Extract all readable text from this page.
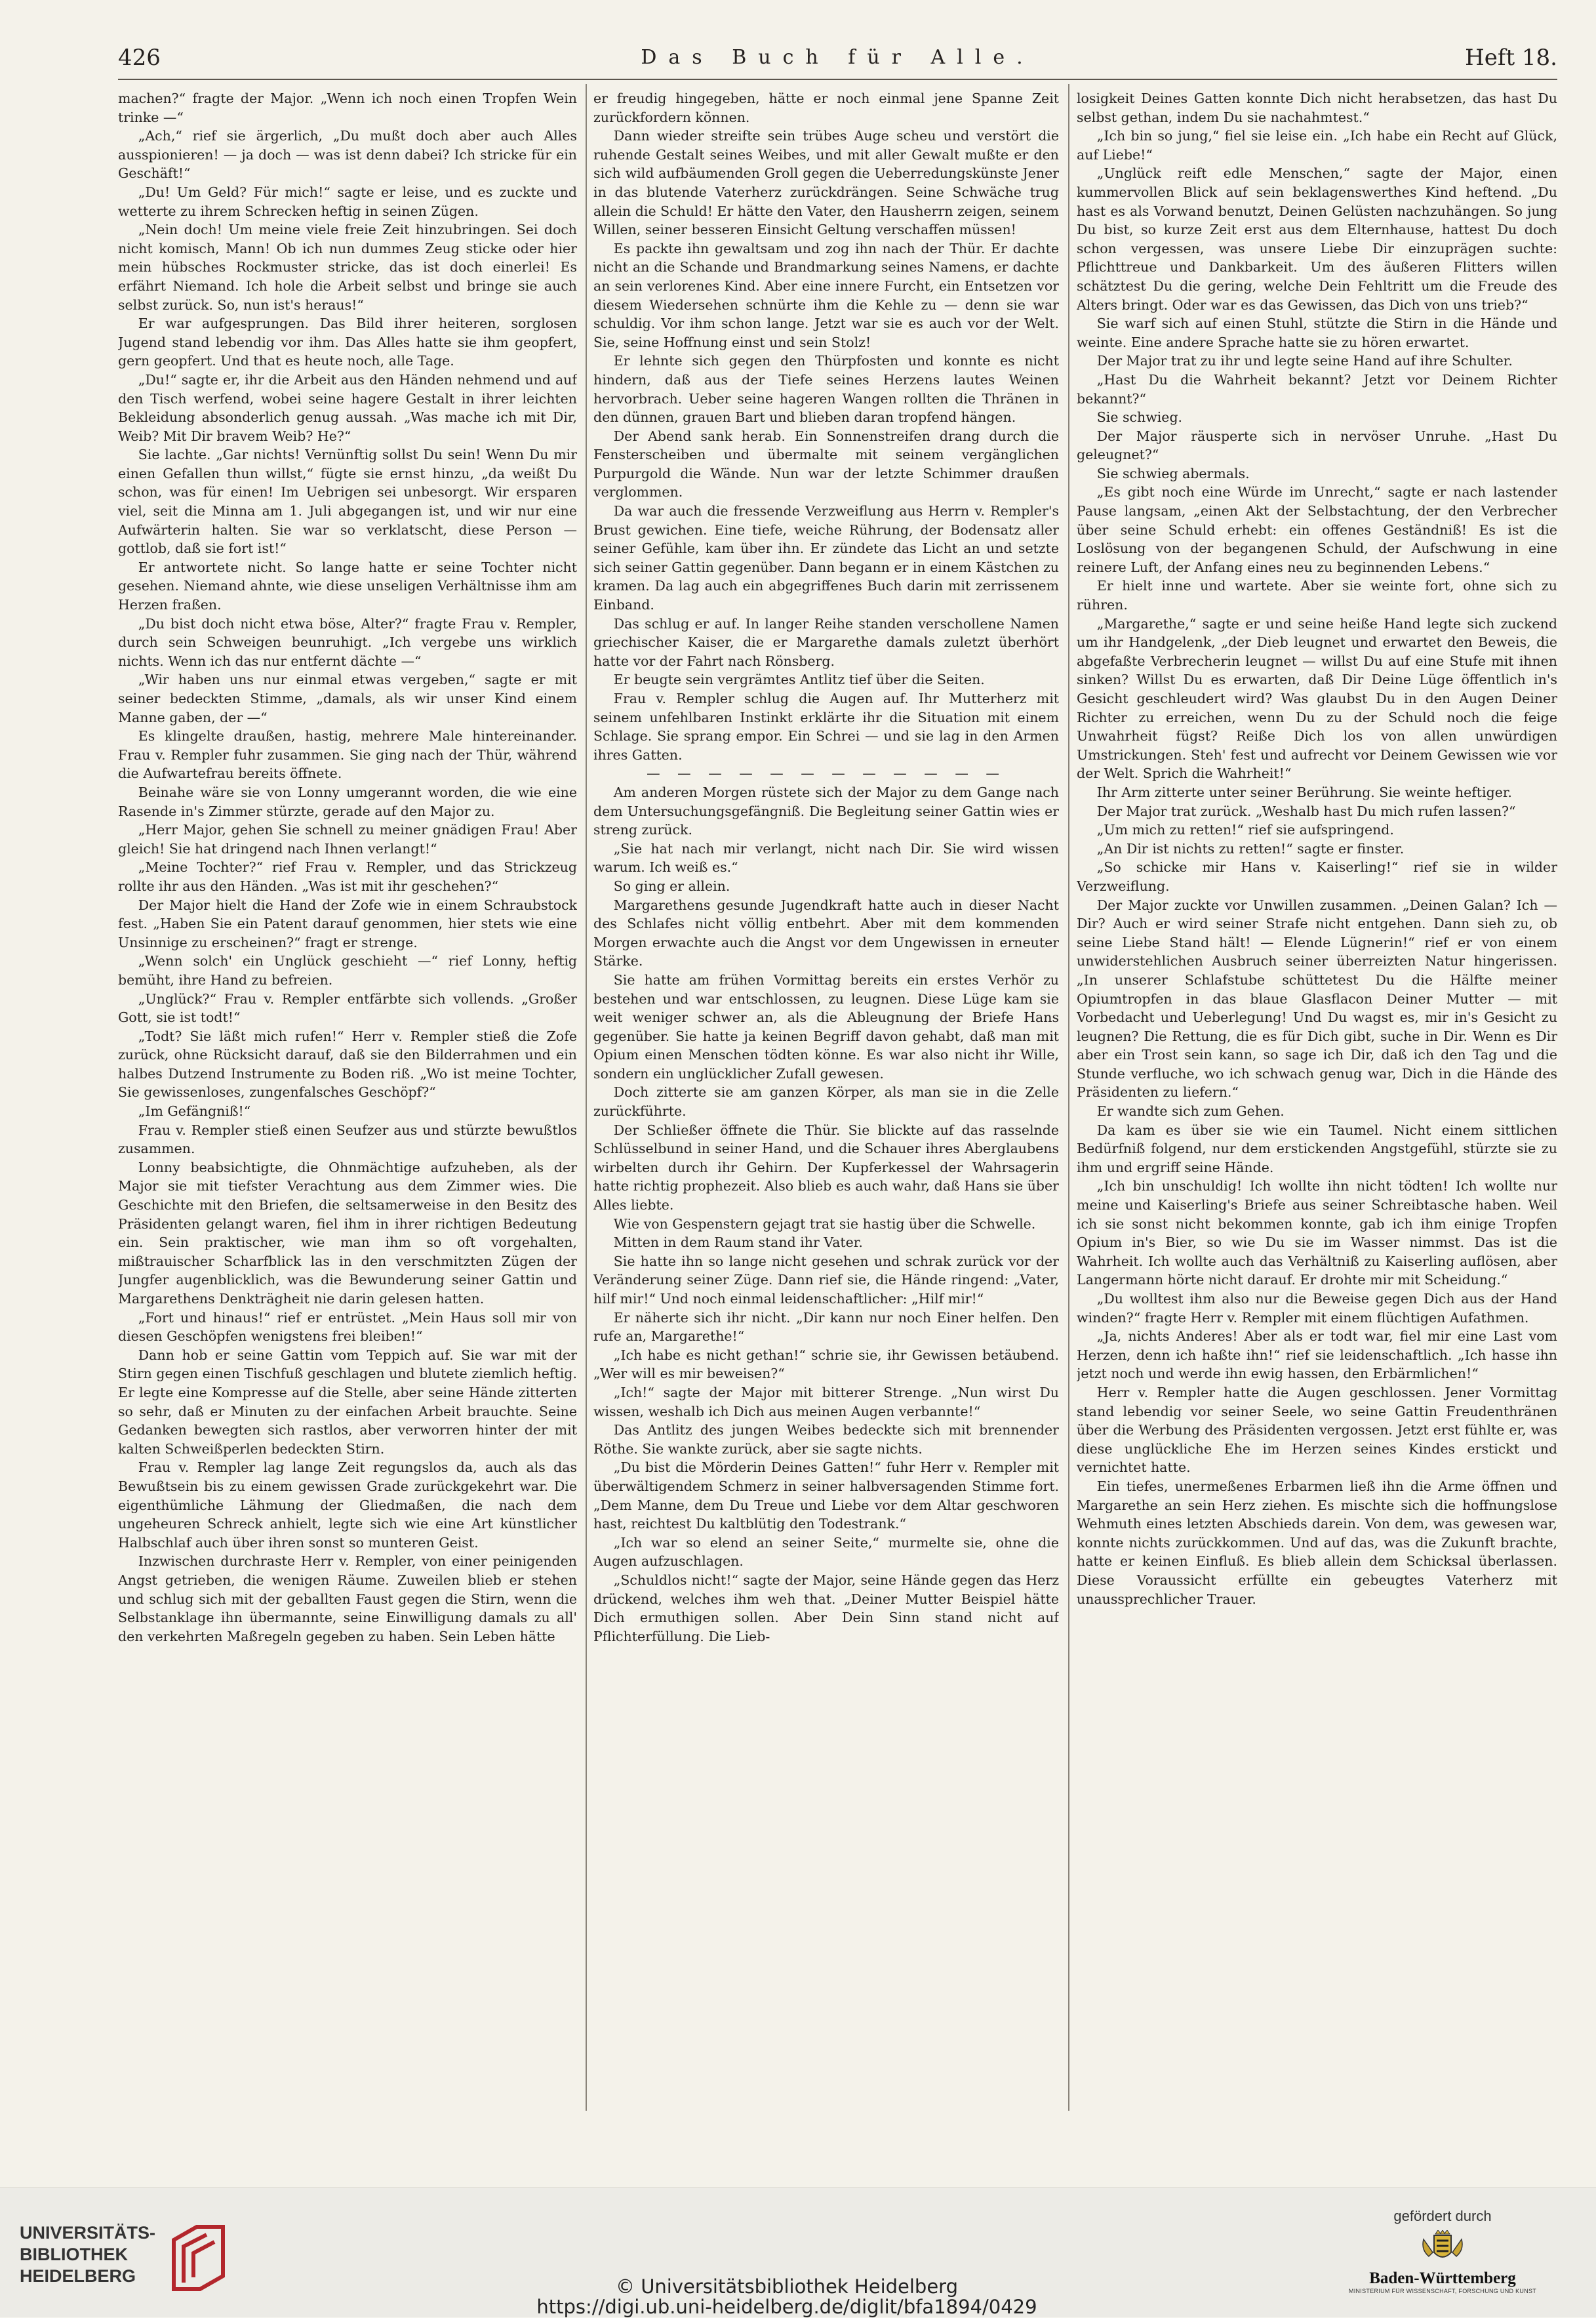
426	Das Buch für Alle.	Heft 18.

machen?“ fragte der Major. „Wenn ich noch einen Tropfen Wein trinke —“

„Ach,“ rief sie ärgerlich, „Du mußt doch aber auch Alles ausspionieren! — ja doch — was ist denn dabei? Ich stricke für ein Geschäft!“

„Du! Um Geld? Für mich!“ sagte er leise, und es zuckte und wetterte zu ihrem Schrecken heftig in seinen Zügen.

„Nein doch! Um meine viele freie Zeit hinzubringen. Sei doch nicht komisch, Mann! Ob ich nun dummes Zeug sticke oder hier mein hübsches Rockmuster stricke, das ist doch einerlei! Es erfährt Niemand. Ich hole die Arbeit selbst und bringe sie auch selbst zurück. So, nun ist's heraus!“

Er war aufgesprungen. Das Bild ihrer heiteren, sorglosen Jugend stand lebendig vor ihm. Das Alles hatte sie ihm geopfert, gern geopfert. Und that es heute noch, alle Tage.

„Du!“ sagte er, ihr die Arbeit aus den Händen nehmend und auf den Tisch werfend, wobei seine hagere Gestalt in ihrer leichten Bekleidung absonderlich genug aussah. „Was mache ich mit Dir, Weib? Mit Dir bravem Weib? He?“

Sie lachte. „Gar nichts! Vernünftig sollst Du sein! Wenn Du mir einen Gefallen thun willst,“ fügte sie ernst hinzu, „da weißt Du schon, was für einen! Im Uebrigen sei unbesorgt. Wir ersparen viel, seit die Minna am 1. Juli abgegangen ist, und wir nur eine Aufwärterin halten. Sie war so verklatscht, diese Person — gottlob, daß sie fort ist!“

Er antwortete nicht. So lange hatte er seine Tochter nicht gesehen. Niemand ahnte, wie diese unseligen Verhältnisse ihm am Herzen fraßen.

„Du bist doch nicht etwa böse, Alter?“ fragte Frau v. Rempler, durch sein Schweigen beunruhigt. „Ich vergebe uns wirklich nichts. Wenn ich das nur entfernt dächte —“

„Wir haben uns nur einmal etwas vergeben,“ sagte er mit seiner bedeckten Stimme, „damals, als wir unser Kind einem Manne gaben, der —“

Es klingelte draußen, hastig, mehrere Male hintereinander. Frau v. Rempler fuhr zusammen. Sie ging nach der Thür, während die Aufwartefrau bereits öffnete.

Beinahe wäre sie von Lonny umgerannt worden, die wie eine Rasende in's Zimmer stürzte, gerade auf den Major zu.

„Herr Major, gehen Sie schnell zu meiner gnädigen Frau! Aber gleich! Sie hat dringend nach Ihnen verlangt!“

„Meine Tochter?“ rief Frau v. Rempler, und das Strickzeug rollte ihr aus den Händen. „Was ist mit ihr geschehen?“

Der Major hielt die Hand der Zofe wie in einem Schraubstock fest. „Haben Sie ein Patent darauf genommen, hier stets wie eine Unsinnige zu erscheinen?“ fragt er strenge.

„Wenn solch' ein Unglück geschieht —“ rief Lonny, heftig bemüht, ihre Hand zu befreien.

„Unglück?“ Frau v. Rempler entfärbte sich vollends. „Großer Gott, sie ist todt!“

„Todt? Sie läßt mich rufen!“ Herr v. Rempler stieß die Zofe zurück, ohne Rücksicht darauf, daß sie den Bilderrahmen und ein halbes Dutzend Instrumente zu Boden riß. „Wo ist meine Tochter, Sie gewissenloses, zungenfalsches Geschöpf?“

„Im Gefängniß!“

Frau v. Rempler stieß einen Seufzer aus und stürzte bewußtlos zusammen.

Lonny beabsichtigte, die Ohnmächtige aufzuheben, als der Major sie mit tiefster Verachtung aus dem Zimmer wies. Die Geschichte mit den Briefen, die seltsamerweise in den Besitz des Präsidenten gelangt waren, fiel ihm in ihrer richtigen Bedeutung ein. Sein praktischer, wie man ihm so oft vorgehalten, mißtrauischer Scharfblick las in den verschmitzten Zügen der Jungfer augenblicklich, was die Bewunderung seiner Gattin und Margarethens Denkträgheit nie darin gelesen hatten.

„Fort und hinaus!“ rief er entrüstet. „Mein Haus soll mir von diesen Geschöpfen wenigstens frei bleiben!“

Dann hob er seine Gattin vom Teppich auf. Sie war mit der Stirn gegen einen Tischfuß geschlagen und blutete ziemlich heftig. Er legte eine Kompresse auf die Stelle, aber seine Hände zitterten so sehr, daß er Minuten zu der einfachen Arbeit brauchte. Seine Gedanken bewegten sich rastlos, aber verworren hinter der mit kalten Schweißperlen bedeckten Stirn.

Frau v. Rempler lag lange Zeit regungslos da, auch als das Bewußtsein bis zu einem gewissen Grade zurückgekehrt war. Die eigenthümliche Lähmung der Gliedmaßen, die nach dem ungeheuren Schreck anhielt, legte sich wie eine Art künstlicher Halbschlaf auch über ihren sonst so munteren Geist.

Inzwischen durchraste Herr v. Rempler, von einer peinigenden Angst getrieben, die wenigen Räume. Zuweilen blieb er stehen und schlug sich mit der geballten Faust gegen die Stirn, wenn die Selbstanklage ihn übermannte, seine Einwilligung damals zu all' den verkehrten Maßregeln gegeben zu haben. Sein Leben hätte

er freudig hingegeben, hätte er noch einmal jene Spanne Zeit zurückfordern können.

Dann wieder streifte sein trübes Auge scheu und verstört die ruhende Gestalt seines Weibes, und mit aller Gewalt mußte er den sich wild aufbäumenden Groll gegen die Ueberredungskünste Jener in das blutende Vaterherz zurückdrängen. Seine Schwäche trug allein die Schuld! Er hätte den Vater, den Hausherrn zeigen, seinem Willen, seiner besseren Einsicht Geltung verschaffen müssen!

Es packte ihn gewaltsam und zog ihn nach der Thür. Er dachte nicht an die Schande und Brandmarkung seines Namens, er dachte an sein verlorenes Kind. Aber eine innere Furcht, ein Entsetzen vor diesem Wiedersehen schnürte ihm die Kehle zu — denn sie war schuldig. Vor ihm schon lange. Jetzt war sie es auch vor der Welt. Sie, seine Hoffnung einst und sein Stolz!

Er lehnte sich gegen den Thürpfosten und konnte es nicht hindern, daß aus der Tiefe seines Herzens lautes Weinen hervorbrach. Ueber seine hageren Wangen rollten die Thränen in den dünnen, grauen Bart und blieben daran tropfend hängen.

Der Abend sank herab. Ein Sonnenstreifen drang durch die Fensterscheiben und übermalte mit seinem vergänglichen Purpurgold die Wände. Nun war der letzte Schimmer draußen verglommen.

Da war auch die fressende Verzweiflung aus Herrn v. Rempler's Brust gewichen. Eine tiefe, weiche Rührung, der Bodensatz aller seiner Gefühle, kam über ihn. Er zündete das Licht an und setzte sich seiner Gattin gegenüber. Dann begann er in einem Kästchen zu kramen. Da lag auch ein abgegriffenes Buch darin mit zerrissenem Einband.

Das schlug er auf. In langer Reihe standen verschollene Namen griechischer Kaiser, die er Margarethe damals zuletzt überhört hatte vor der Fahrt nach Rönsberg.

Er beugte sein vergrämtes Antlitz tief über die Seiten.

Frau v. Rempler schlug die Augen auf. Ihr Mutterherz mit seinem unfehlbaren Instinkt erklärte ihr die Situation mit einem Schlage. Sie sprang empor. Ein Schrei — und sie lag in den Armen ihres Gatten.

— — — — — — — — — — — —

Am anderen Morgen rüstete sich der Major zu dem Gange nach dem Untersuchungsgefängniß. Die Begleitung seiner Gattin wies er streng zurück.

„Sie hat nach mir verlangt, nicht nach Dir. Sie wird wissen warum. Ich weiß es.“

So ging er allein.

Margarethens gesunde Jugendkraft hatte auch in dieser Nacht des Schlafes nicht völlig entbehrt. Aber mit dem kommenden Morgen erwachte auch die Angst vor dem Ungewissen in erneuter Stärke.

Sie hatte am frühen Vormittag bereits ein erstes Verhör zu bestehen und war entschlossen, zu leugnen. Diese Lüge kam sie weit weniger schwer an, als die Ableugnung der Briefe Hans gegenüber. Sie hatte ja keinen Begriff davon gehabt, daß man mit Opium einen Menschen tödten könne. Es war also nicht ihr Wille, sondern ein unglücklicher Zufall gewesen.

Doch zitterte sie am ganzen Körper, als man sie in die Zelle zurückführte.

Der Schließer öffnete die Thür. Sie blickte auf das rasselnde Schlüsselbund in seiner Hand, und die Schauer ihres Aberglaubens wirbelten durch ihr Gehirn. Der Kupferkessel der Wahrsagerin hatte richtig prophezeit. Also blieb es auch wahr, daß Hans sie über Alles liebte.

Wie von Gespenstern gejagt trat sie hastig über die Schwelle.

Mitten in dem Raum stand ihr Vater.

Sie hatte ihn so lange nicht gesehen und schrak zurück vor der Veränderung seiner Züge. Dann rief sie, die Hände ringend: „Vater, hilf mir!“ Und noch einmal leidenschaftlicher: „Hilf mir!“

Er näherte sich ihr nicht. „Dir kann nur noch Einer helfen. Den rufe an, Margarethe!“

„Ich habe es nicht gethan!“ schrie sie, ihr Gewissen betäubend. „Wer will es mir beweisen?“

„Ich!“ sagte der Major mit bitterer Strenge. „Nun wirst Du wissen, weshalb ich Dich aus meinen Augen verbannte!“

Das Antlitz des jungen Weibes bedeckte sich mit brennender Röthe. Sie wankte zurück, aber sie sagte nichts.

„Du bist die Mörderin Deines Gatten!“ fuhr Herr v. Rempler mit überwältigendem Schmerz in seiner halbversagenden Stimme fort. „Dem Manne, dem Du Treue und Liebe vor dem Altar geschworen hast, reichtest Du kaltblütig den Todestrank.“

„Ich war so elend an seiner Seite,“ murmelte sie, ohne die Augen aufzuschlagen.

„Schuldlos nicht!“ sagte der Major, seine Hände gegen das Herz drückend, welches ihm weh that. „Deiner Mutter Beispiel hätte Dich ermuthigen sollen. Aber Dein Sinn stand nicht auf Pflichterfüllung. Die Lieb-

losigkeit Deines Gatten konnte Dich nicht herabsetzen, das hast Du selbst gethan, indem Du sie nachahmtest.“

„Ich bin so jung,“ fiel sie leise ein. „Ich habe ein Recht auf Glück, auf Liebe!“

„Unglück reift edle Menschen,“ sagte der Major, einen kummervollen Blick auf sein beklagenswerthes Kind heftend. „Du hast es als Vorwand benutzt, Deinen Gelüsten nachzuhängen. So jung Du bist, so kurze Zeit erst aus dem Elternhause, hattest Du doch schon vergessen, was unsere Liebe Dir einzuprägen suchte: Pflichttreue und Dankbarkeit. Um des äußeren Flitters willen schätztest Du die gering, welche Dein Fehltritt um die Freude des Alters bringt. Oder war es das Gewissen, das Dich von uns trieb?“

Sie warf sich auf einen Stuhl, stützte die Stirn in die Hände und weinte. Eine andere Sprache hatte sie zu hören erwartet.

Der Major trat zu ihr und legte seine Hand auf ihre Schulter.

„Hast Du die Wahrheit bekannt? Jetzt vor Deinem Richter bekannt?“

Sie schwieg.

Der Major räusperte sich in nervöser Unruhe. „Hast Du geleugnet?“

Sie schwieg abermals.

„Es gibt noch eine Würde im Unrecht,“ sagte er nach lastender Pause langsam, „einen Akt der Selbstachtung, der den Verbrecher über seine Schuld erhebt: ein offenes Geständniß! Es ist die Loslösung von der begangenen Schuld, der Aufschwung in eine reinere Luft, der Anfang eines neu zu beginnenden Lebens.“

Er hielt inne und wartete. Aber sie weinte fort, ohne sich zu rühren.

„Margarethe,“ sagte er und seine heiße Hand legte sich zuckend um ihr Handgelenk, „der Dieb leugnet und erwartet den Beweis, die abgefaßte Verbrecherin leugnet — willst Du auf eine Stufe mit ihnen sinken? Willst Du es erwarten, daß Dir Deine Lüge öffentlich in's Gesicht geschleudert wird? Was glaubst Du in den Augen Deiner Richter zu erreichen, wenn Du zu der Schuld noch die feige Unwahrheit fügst? Reiße Dich los von allen unwürdigen Umstrickungen. Steh' fest und aufrecht vor Deinem Gewissen wie vor der Welt. Sprich die Wahrheit!“

Ihr Arm zitterte unter seiner Berührung. Sie weinte heftiger.

Der Major trat zurück. „Weshalb hast Du mich rufen lassen?“

„Um mich zu retten!“ rief sie aufspringend.

„An Dir ist nichts zu retten!“ sagte er finster.

„So schicke mir Hans v. Kaiserling!“ rief sie in wilder Verzweiflung.

Der Major zuckte vor Unwillen zusammen. „Deinen Galan? Ich — Dir? Auch er wird seiner Strafe nicht entgehen. Dann sieh zu, ob seine Liebe Stand hält! — Elende Lügnerin!“ rief er von einem unwiderstehlichen Ausbruch seiner überreizten Natur hingerissen. „In unserer Schlafstube schüttetest Du die Hälfte meiner Opiumtropfen in das blaue Glasflacon Deiner Mutter — mit Vorbedacht und Ueberlegung! Und Du wagst es, mir in's Gesicht zu leugnen? Die Rettung, die es für Dich gibt, suche in Dir. Wenn es Dir aber ein Trost sein kann, so sage ich Dir, daß ich den Tag und die Stunde verfluche, wo ich schwach genug war, Dich in die Hände des Präsidenten zu liefern.“

Er wandte sich zum Gehen.

Da kam es über sie wie ein Taumel. Nicht einem sittlichen Bedürfniß folgend, nur dem erstickenden Angstgefühl, stürzte sie zu ihm und ergriff seine Hände.

„Ich bin unschuldig! Ich wollte ihn nicht tödten! Ich wollte nur meine und Kaiserling's Briefe aus seiner Schreibtasche haben. Weil ich sie sonst nicht bekommen konnte, gab ich ihm einige Tropfen Opium in's Bier, so wie Du sie im Wasser nimmst. Das ist die Wahrheit. Ich wollte auch das Verhältniß zu Kaiserling auflösen, aber Langermann hörte nicht darauf. Er drohte mir mit Scheidung.“

„Du wolltest ihm also nur die Beweise gegen Dich aus der Hand winden?“ fragte Herr v. Rempler mit einem flüchtigen Aufathmen.

„Ja, nichts Anderes! Aber als er todt war, fiel mir eine Last vom Herzen, denn ich haßte ihn!“ rief sie leidenschaftlich. „Ich hasse ihn jetzt noch und werde ihn ewig hassen, den Erbärmlichen!“

Herr v. Rempler hatte die Augen geschlossen. Jener Vormittag stand lebendig vor seiner Seele, wo seine Gattin Freudenthränen über die Werbung des Präsidenten vergossen. Jetzt erst fühlte er, was diese unglückliche Ehe im Herzen seines Kindes erstickt und vernichtet hatte.

Ein tiefes, unermeßenes Erbarmen ließ ihn die Arme öffnen und Margarethe an sein Herz ziehen. Es mischte sich die hoffnungslose Wehmuth eines letzten Abschieds darein. Von dem, was gewesen war, konnte nichts zurückkommen. Und auf das, was die Zukunft brachte, hatte er keinen Einfluß. Es blieb allein dem Schicksal überlassen. Diese Voraussicht erfüllte ein gebeugtes Vaterherz mit unaussprechlicher Trauer.

UNIVERSITÄTS-
BIBLIOTHEK
HEIDELBERG	© Universitätsbibliothek Heidelberg
https://digi.ub.uni-heidelberg.de/diglit/bfa1894/0429
gefördert durch
Baden-Württemberg
MINISTERIUM FÜR WISSENSCHAFT, FORSCHUNG UND KUNST
